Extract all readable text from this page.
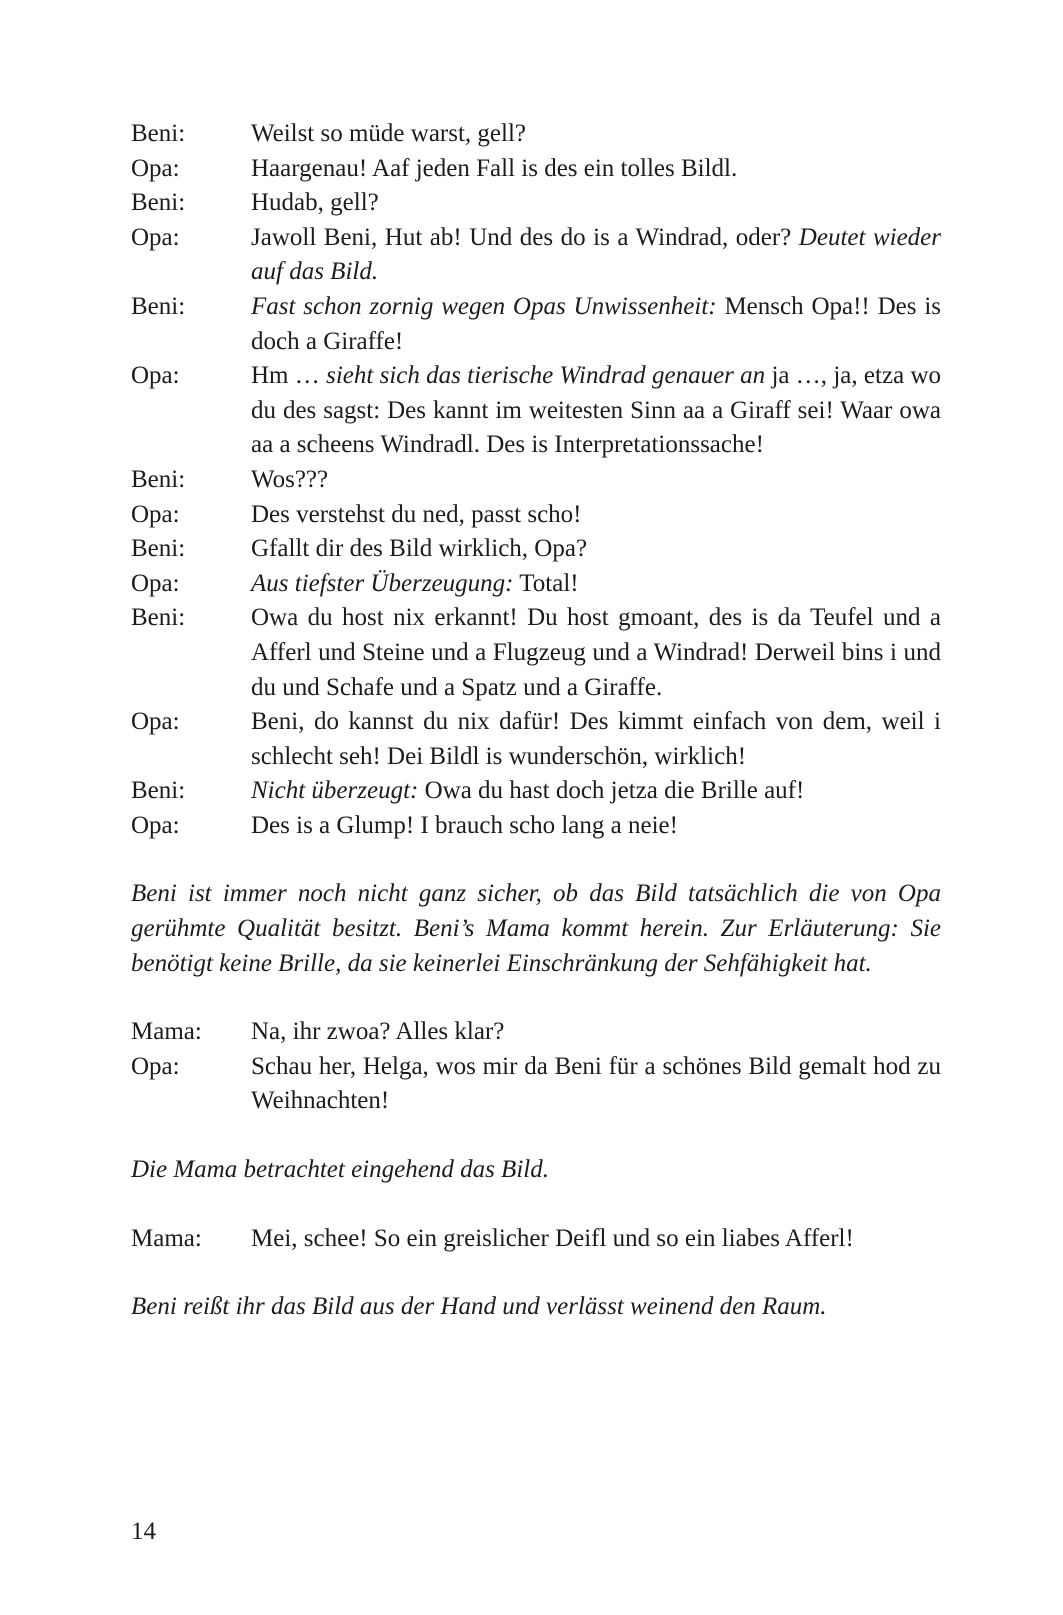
Beni:	Weilst so müde warst, gell?
Opa:	Haargenau! Aaf jeden Fall is des ein tolles Bildl.
Beni:	Hudab, gell?
Opa:	Jawoll Beni, Hut ab! Und des do is a Windrad, oder? Deutet wieder auf das Bild.
Beni:	Fast schon zornig wegen Opas Unwissenheit: Mensch Opa!! Des is doch a Giraffe!
Opa:	Hm … sieht sich das tierische Windrad genauer an ja …, ja, etza wo du des sagst: Des kannt im weitesten Sinn aa a Giraff sei! Waar owa aa a scheens Windradl. Des is Interpretationssache!
Beni:	Wos???
Opa:	Des verstehst du ned, passt scho!
Beni:	Gfallt dir des Bild wirklich, Opa?
Opa:	Aus tiefster Überzeugung: Total!
Beni:	Owa du host nix erkannt! Du host gmoant, des is da Teufel und a Afferl und Steine und a Flugzeug und a Windrad! Derweil bins i und du und Schafe und a Spatz und a Giraffe.
Opa:	Beni, do kannst du nix dafür! Des kimmt einfach von dem, weil i schlecht seh! Dei Bildl is wunderschön, wirklich!
Beni:	Nicht überzeugt: Owa du hast doch jetza die Brille auf!
Opa:	Des is a Glump! I brauch scho lang a neie!
Beni ist immer noch nicht ganz sicher, ob das Bild tatsächlich die von Opa gerühmte Qualität besitzt. Beni’s Mama kommt herein. Zur Erläuterung: Sie benötigt keine Brille, da sie keinerlei Einschränkung der Sehfähigkeit hat.
Mama:	Na, ihr zwoa? Alles klar?
Opa:	Schau her, Helga, wos mir da Beni für a schönes Bild gemalt hod zu Weihnachten!
Die Mama betrachtet eingehend das Bild.
Mama:	Mei, schee! So ein greislicher Deifl und so ein liabes Afferl!
Beni reißt ihr das Bild aus der Hand und verlässt weinend den Raum.
14
